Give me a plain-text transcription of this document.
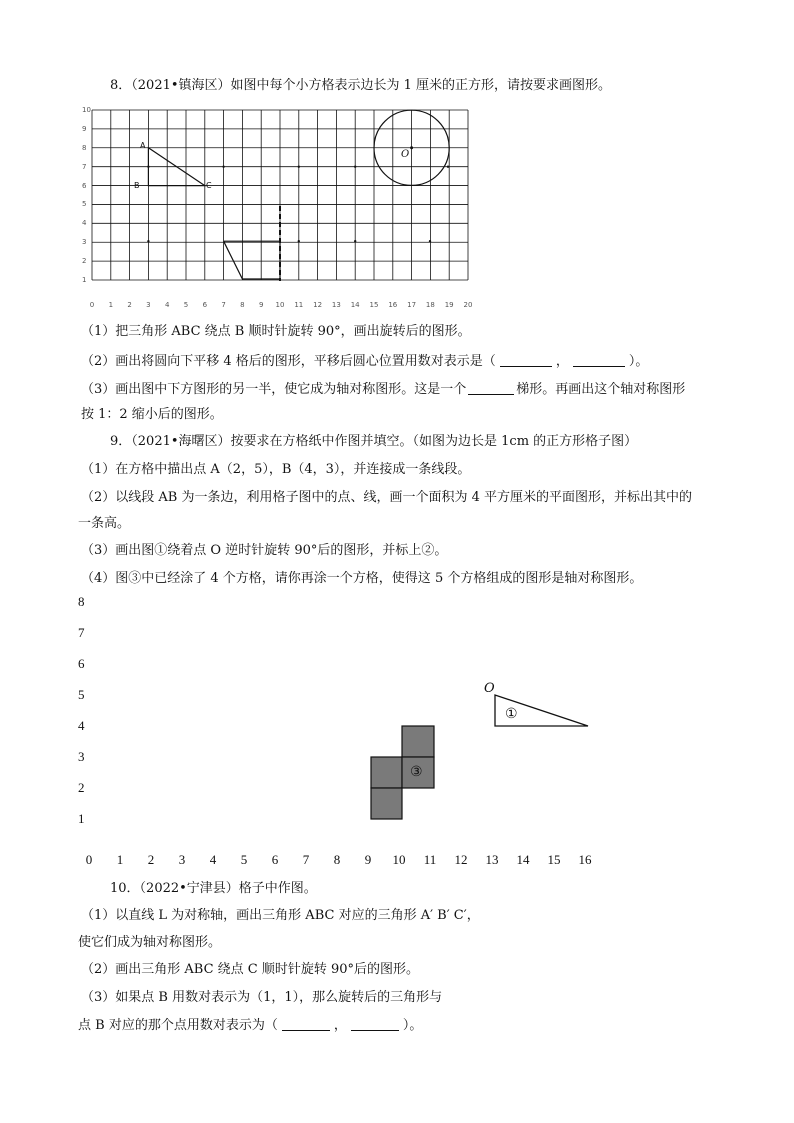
8．（2021•镇海区）如图中每个小方格表示边长为 1 厘米的正方形，请按要求画图形。
A
B	C
O
0 1 2 3 4 5 6 7 8 9 10 11 12 13 14 15 16 17 18 19 20
10
9
8
7
6
5
4
3
2
1
（1）把三角形 ABC 绕点 B 顺时针旋转 90°，画出旋转后的图形。
（2）画出将圆向下平移 4 格后的图形，平移后圆心位置用数对表示是（	，	）。
（3）画出图中下方图形的另一半，使它成为轴对称图形。这是一个	梯形。再画出这个轴对称图形
按 1：2 缩小后的图形。
9．（2021•海曙区）按要求在方格纸中作图并填空。（如图为边长是 1cm 的正方形格子图）
（1）在方格中描出点 A（2，5），B（4，3），并连接成一条线段。
（2）以线段 AB 为一条边，利用格子图中的点、线，画一个面积为 4 平方厘米的平面图形，并标出其中的
一条高。
（3）画出图①绕着点 O 逆时针旋转 90°后的图形，并标上②。
（4）图③中已经涂了 4 个方格，请你再涂一个方格，使得这 5 个方格组成的图形是轴对称图形。
8
7
6
5
4
3
2
1
0 1 2 3 4 5 6 7 8 9 10 11 12 13 14 15 16
O
①
③
10．（2022•宁津县）格子中作图。
（1）以直线 L 为对称轴，画出三角形 ABC 对应的三角形 A′ B′ C′，
使它们成为轴对称图形。
（2）画出三角形 ABC 绕点 C 顺时针旋转 90°后的图形。
（3）如果点 B 用数对表示为（1，1），那么旋转后的三角形与
点 B 对应的那个点用数对表示为（	，	）。
